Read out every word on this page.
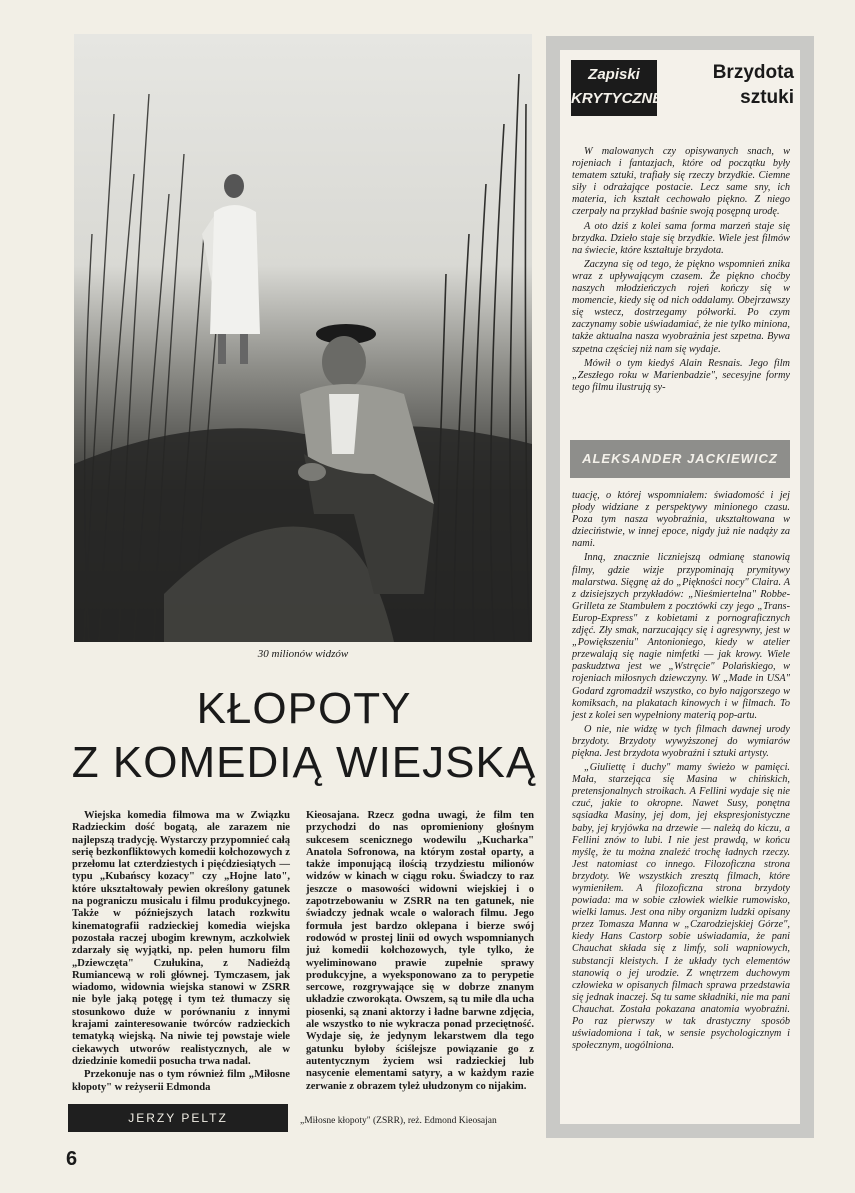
30 milionów widzów
KŁOPOTY
Z KOMEDIĄ WIEJSKĄ

Wiejska komedia filmowa ma w Związku Radzieckim dość bogatą, ale zarazem nie najlepszą tradycję. Wystarczy przypomnieć całą serię bezkonfliktowych komedii kołchozowych z przełomu lat czterdziestych i pięćdziesiątych — typu „Kubańscy kozacy" czy „Hojne lato", które ukształtowały pewien określony gatunek na pograniczu musicalu i filmu produkcyjnego. Także w późniejszych latach rozkwitu kinematografii radzieckiej komedia wiejska pozostała raczej ubogim krewnym, aczkolwiek zdarzały się wyjątki, np. pełen humoru film „Dziewczęta" Czułukina, z Nadieżdą Rumiancewą w roli głównej. Tymczasem, jak wiadomo, widownia wiejska stanowi w ZSRR nie byle jaką potęgę i tym też tłumaczy się stosunkowo duże w porównaniu z innymi krajami zainteresowanie twórców radzieckich tematyką wiejską. Na niwie tej powstaje wiele ciekawych utworów realistycznych, ale w dziedzinie komedii posucha trwa nadal.

Przekonuje nas o tym również film „Miłosne kłopoty" w reżyserii Edmonda

Kieosajana. Rzecz godna uwagi, że film ten przychodzi do nas opromieniony głośnym sukcesem scenicznego wodewilu „Kucharka" Anatola Sofronowa, na którym został oparty, a także imponującą ilością trzydziestu milionów widzów w kinach w ciągu roku. Świadczy to raz jeszcze o masowości widowni wiejskiej i o zapotrzebowaniu w ZSRR na ten gatunek, nie świadczy jednak wcale o walorach filmu. Jego formuła jest bardzo oklepana i bierze swój rodowód w prostej linii od owych wspomnianych już komedii kołchozowych, tyle tylko, że wyeliminowano prawie zupełnie sprawy produkcyjne, a wyeksponowano za to perypetie sercowe, rozgrywające się w dobrze znanym układzie czworokąta. Owszem, są tu miłe dla ucha piosenki, są znani aktorzy i ładne barwne zdjęcia, ale wszystko to nie wykracza ponad przeciętność. Wydaje się, że jedynym lekarstwem dla tego gatunku byłoby ściślejsze powiązanie go z autentycznym życiem wsi radzieckiej lub nasycenie elementami satyry, a w każdym razie zerwanie z obrazem tyleż ułudzonym co nijakim.

JERZY PELTZ	„Miłosne kłopoty" (ZSRR), reż. Edmond Kieosajan
6
Zapiski
KRYTYCZNE
Brzydota sztuki

W malowanych czy opisywanych snach, w rojeniach i fantazjach, które od początku były tematem sztuki, trafiały się rzeczy brzydkie. Ciemne siły i odrażające postacie. Lecz same sny, ich materia, ich kształt cechowało piękno. Z niego czerpały na przykład baśnie swoją posępną urodę.

A oto dziś z kolei sama forma marzeń staje się brzydka. Dzieło staje się brzydkie. Wiele jest filmów na świecie, które kształtuje brzydota.

Zaczyna się od tego, że piękno wspomnień znika wraz z upływającym czasem. Że piękno choćby naszych młodzieńczych rojeń kończy się w momencie, kiedy się od nich oddalamy. Obejrzawszy się wstecz, dostrzegamy półworki. Po czym zaczynamy sobie uświadamiać, że nie tylko miniona, także aktualna nasza wyobraźnia jest szpetna. Bywa szpetna częściej niż nam się wydaje.

Mówił o tym kiedyś Alain Resnais. Jego film „Zeszłego roku w Marienbadzie", secesyjne formy tego filmu ilustrują sy-

ALEKSANDER JACKIEWICZ

tuację, o której wspomniałem: świadomość i jej płody widziane z perspektywy minionego czasu. Poza tym nasza wyobraźnia, ukształtowana w dzieciństwie, w innej epoce, nigdy już nie nadąży za nami.

Inną, znacznie liczniejszą odmianę stanowią filmy, gdzie wizje przypominają prymitywy malarstwa. Sięgnę aż do „Piękności nocy" Claira. A z dzisiejszych przykładów: „Nieśmiertelna" Robbe-Grilleta ze Stambułem z pocztówki czy jego „Trans-Europ-Express" z kobietami z pornograficznych zdjęć. Zły smak, narzucający się i agresywny, jest w „Powiększeniu" Antonioniego, kiedy w atelier przewalają się nagie nimfetki — jak krowy. Wiele paskudztwa jest we „Wstręcie" Polańskiego, w rojeniach miłosnych dziewczyny. W „Made in USA" Godard zgromadził wszystko, co było najgorszego w komiksach, na plakatach kinowych i w filmach. To jest z kolei sen wypełniony materią pop-artu.

O nie, nie widzę w tych filmach dawnej urody brzydoty. Brzydoty wywyższonej do wymiarów piękna. Jest brzydota wyobraźni i sztuki artysty.

„Giuliettę i duchy" mamy świeżo w pamięci. Mała, starzejąca się Masina w chińskich, pretensjonalnych stroikach. A Fellini wydaje się nie czuć, jakie to okropne. Nawet Susy, ponętna sąsiadka Masiny, jej dom, jej ekspresjonistyczne baby, jej kryjówka na drzewie — należą do kiczu, a Fellini znów to lubi. I nie jest prawdą, w końcu myślę, że tu można znaleźć trochę ładnych rzeczy. Jest natomiast co innego. Filozoficzna strona brzydoty. We wszystkich zresztą filmach, które wymieniłem. A filozoficzna strona brzydoty powiada: ma w sobie człowiek wielkie rumowisko, wielki lamus. Jest ona niby organizm ludzki opisany przez Tomasza Manna w „Czarodziejskiej Górze", kiedy Hans Castorp sobie uświadamia, że pani Chauchat składa się z limfy, soli wapniowych, substancji kleistych. I że układy tych elementów stanowią o jej urodzie. Z wnętrzem duchowym człowieka w opisanych filmach sprawa przedstawia się jednak inaczej. Są tu same składniki, nie ma pani Chauchat. Została pokazana anatomia wyobraźni. Po raz pierwszy w tak drastyczny sposób uświadomiona i tak, w sensie psychologicznym i społecznym, uogólniona.
